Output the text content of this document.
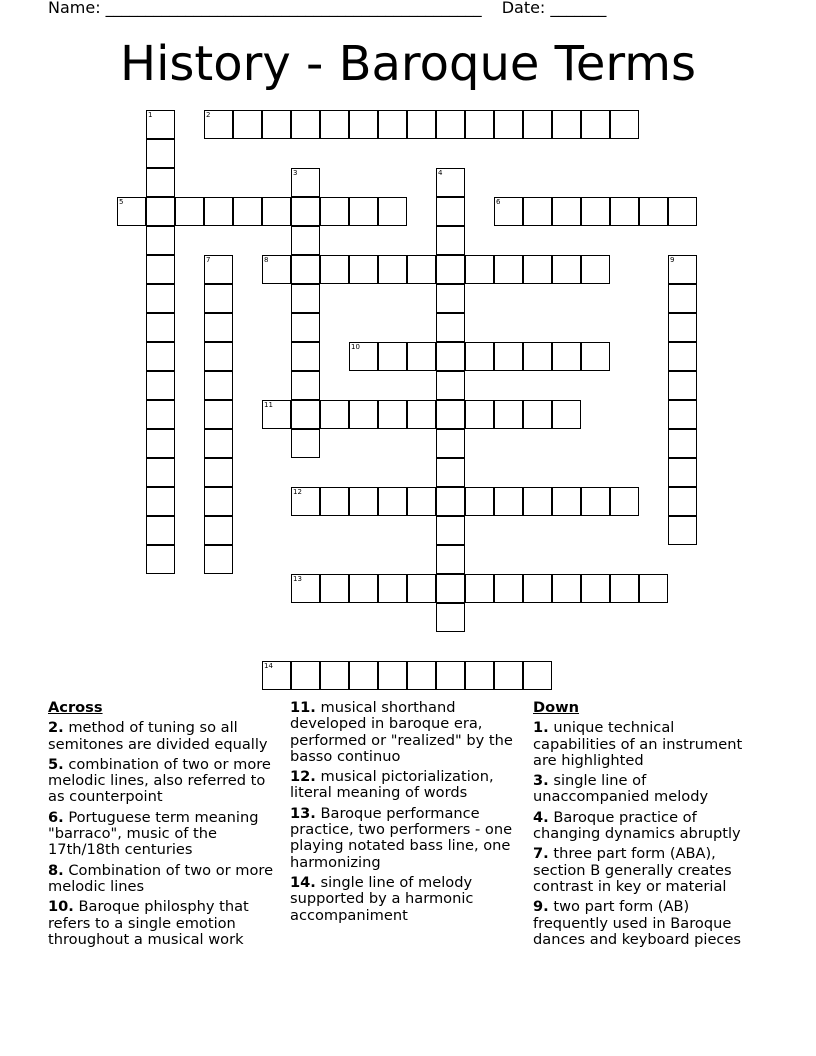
Name: _______________________________________________ Date: _______
History - Baroque Terms
1	2
3	4
5	6
7	8	9
10
11
12
13
14
Across
2. method of tuning so all semitones are divided equally
5. combination of two or more melodic lines, also referred to as counterpoint
6. Portuguese term meaning "barraco", music of the 17th/18th centuries
8. Combination of two or more melodic lines
10. Baroque philosphy that refers to a single emotion throughout a musical work
11. musical shorthand developed in baroque era, performed or "realized" by the basso continuo
12. musical pictorialization, literal meaning of words
13. Baroque performance practice, two performers - one playing notated bass line, one harmonizing
14. single line of melody supported by a harmonic accompaniment
Down
1. unique technical capabilities of an instrument are highlighted
3. single line of unaccompanied melody
4. Baroque practice of changing dynamics abruptly
7. three part form (ABA), section B generally creates contrast in key or material
9. two part form (AB) frequently used in Baroque dances and keyboard pieces
